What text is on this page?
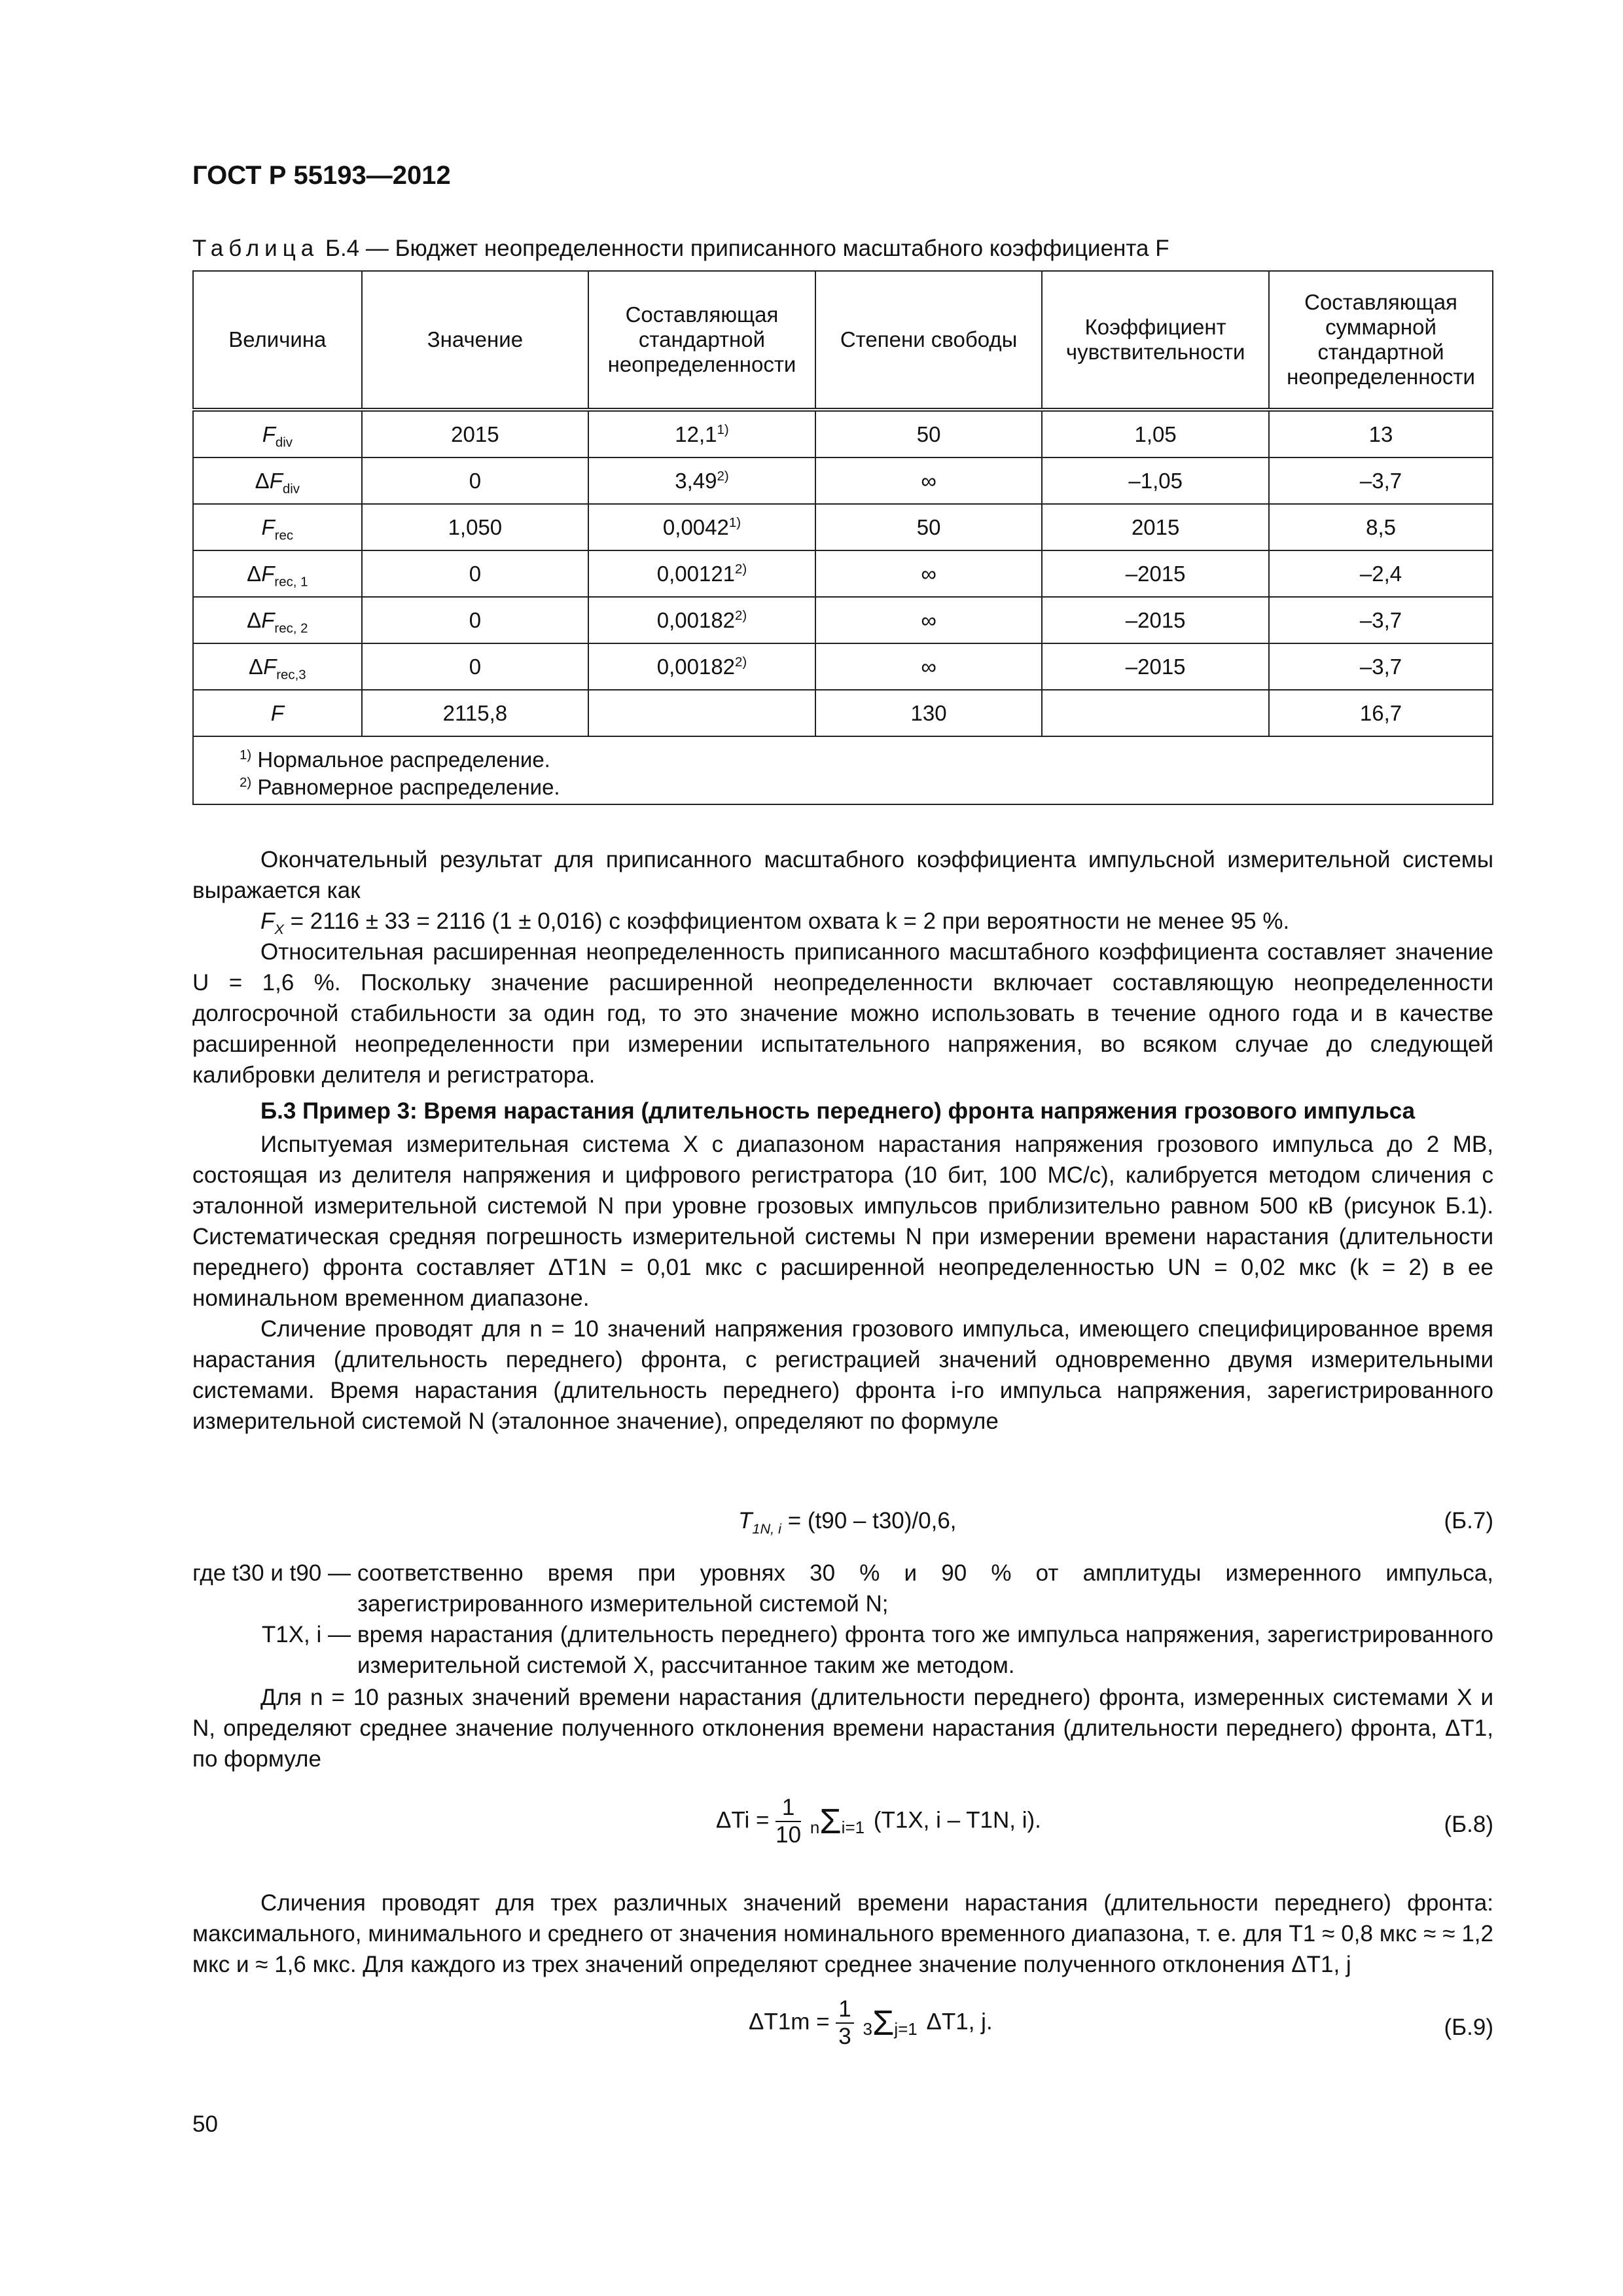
ГОСТ Р 55193—2012
Таблица Б.4 — Бюджет неопределенности приписанного масштабного коэффициента F
Величина	Значение	Составляющая стандартной неопределенности	Степени свободы	Коэффициент чувствительности	Составляющая суммарной стандартной неопределенности
$F_{div}$	2015	12,1$^{1)}$	50	1,05	13
$\Delta F_{div}$	0	3,49$^{2)}$	∞	–1,05	–3,7
$F_{rec}$	1,050	0,0042$^{1)}$	50	2015	8,5
$\Delta F_{rec, 1}$	0	0,00121$^{2)}$	∞	–2015	–2,4
$\Delta F_{rec, 2}$	0	0,00182$^{2)}$	∞	–2015	–3,7
$\Delta F_{rec,3}$	0	0,00182$^{2)}$	∞	–2015	–3,7
F	2115,8		130		16,7

$^{1)}$ Нормальное распределение.
$^{2)}$ Равномерное распределение.					

Окончательный результат для приписанного масштабного коэффициента импульсной измерительной системы выражается как

$F_X = 2116 \pm 33 = 2116$ (1 ± 0,016) с коэффициентом охвата k = 2 при вероятности не менее 95 %.

Относительная расширенная неопределенность приписанного масштабного коэффициента составляет значение U = 1,6 %. Поскольку значение расширенной неопределенности включает составляющую неопределенности долгосрочной стабильности за один год, то это значение можно использовать в течение одного года и в качестве расширенной неопределенности при измерении испытательного напряжения, во всяком случае до следующей калибровки делителя и регистратора.

Б.3 Пример 3: Время нарастания (длительность переднего) фронта напряжения грозового импульса

Испытуемая измерительная система X с диапазоном нарастания напряжения грозового импульса до 2 МВ, состоящая из делителя напряжения и цифрового регистратора (10 бит, 100 МС/с), калибруется методом сличения с эталонной измерительной системой N при уровне грозовых импульсов приблизительно равном 500 кВ (рисунок Б.1). Систематическая средняя погрешность измерительной системы N при измерении времени нарастания (длительности переднего) фронта составляет ΔT1N = 0,01 мкс с расширенной неопределенностью UN = 0,02 мкс (k = 2) в ее номинальном временном диапазоне.

Сличение проводят для n = 10 значений напряжения грозового импульса, имеющего специфицированное время нарастания (длительность переднего) фронта, с регистрацией значений одновременно двумя измерительными системами. Время нарастания (длительность переднего) фронта i-го импульса напряжения, зарегистрированного измерительной системой N (эталонное значение), определяют по формуле

$T_{1N, i} = (t90 - t30)/0,6$,	(Б.7)
где t30 и t90 — соответственно время при уровнях 30 % и 90 % от амплитуды измеренного импульса, зарегистрированного измерительной системой N;
T1X, i — время нарастания (длительность переднего) фронта того же импульса напряжения, зарегистрированного измерительной системой X, рассчитанное таким же методом.

Для n = 10 разных значений времени нарастания (длительности переднего) фронта, измеренных системами X и N, определяют среднее значение полученного отклонения времени нарастания (длительности переднего) фронта, ΔT1, по формуле

$\Delta Ti = \frac{1}{10} n\Sigma i=1$ (T1X, i – T1N, i).	(Б.8)

Сличения проводят для трех различных значений времени нарастания (длительности переднего) фронта: максимального, минимального и среднего от значения номинального временного диапазона, т. е. для T1 ≈ 0,8 мкс ≈ ≈ 1,2 мкс и ≈ 1,6 мкс. Для каждого из трех значений определяют среднее значение полученного отклонения ΔT1, j

$\Delta T1m = \frac{1}{3} 3\Sigma j=1$ ΔT1, j.	(Б.9)
50
